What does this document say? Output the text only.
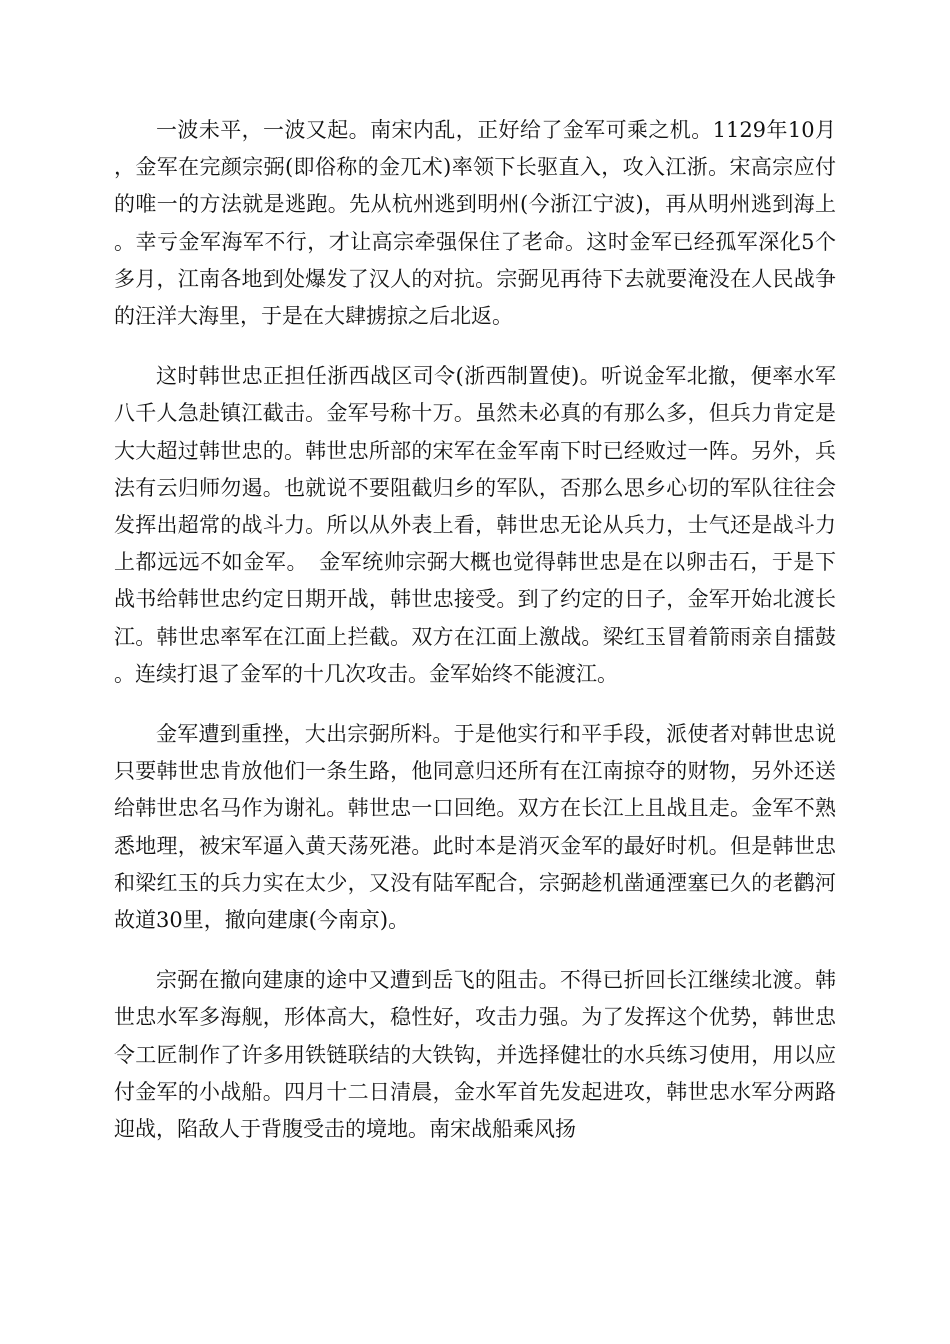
一波未平，一波又起。南宋内乱，正好给了金军可乘之机。1129年10月，金军在完颜宗弼(即俗称的金兀术)率领下长驱直入，攻入江浙。宋高宗应付的唯一的方法就是逃跑。先从杭州逃到明州(今浙江宁波)，再从明州逃到海上。幸亏金军海军不行，才让高宗牵强保住了老命。这时金军已经孤军深化5个多月，江南各地到处爆发了汉人的对抗。宗弼见再待下去就要淹没在人民战争的汪洋大海里，于是在大肆掳掠之后北返。

这时韩世忠正担任浙西战区司令(浙西制置使)。听说金军北撤，便率水军八千人急赴镇江截击。金军号称十万。虽然未必真的有那么多，但兵力肯定是大大超过韩世忠的。韩世忠所部的宋军在金军南下时已经败过一阵。另外，兵法有云归师勿遏。也就说不要阻截归乡的军队，否那么思乡心切的军队往往会发挥出超常的战斗力。所以从外表上看，韩世忠无论从兵力，士气还是战斗力上都远远不如金军。　金军统帅宗弼大概也觉得韩世忠是在以卵击石，于是下战书给韩世忠约定日期开战，韩世忠接受。到了约定的日子，金军开始北渡长江。韩世忠率军在江面上拦截。双方在江面上激战。梁红玉冒着箭雨亲自擂鼓。连续打退了金军的十几次攻击。金军始终不能渡江。

金军遭到重挫，大出宗弼所料。于是他实行和平手段，派使者对韩世忠说只要韩世忠肯放他们一条生路，他同意归还所有在江南掠夺的财物，另外还送给韩世忠名马作为谢礼。韩世忠一口回绝。双方在长江上且战且走。金军不熟悉地理，被宋军逼入黄天荡死港。此时本是消灭金军的最好时机。但是韩世忠和梁红玉的兵力实在太少，又没有陆军配合，宗弼趁机凿通湮塞已久的老鹳河故道30里，撤向建康(今南京)。

宗弼在撤向建康的途中又遭到岳飞的阻击。不得已折回长江继续北渡。韩世忠水军多海舰，形体高大，稳性好，攻击力强。为了发挥这个优势，韩世忠令工匠制作了许多用铁链联结的大铁钩，并选择健壮的水兵练习使用，用以应付金军的小战船。四月十二日清晨，金水军首先发起进攻，韩世忠水军分两路迎战，陷敌人于背腹受击的境地。南宋战船乘风扬
